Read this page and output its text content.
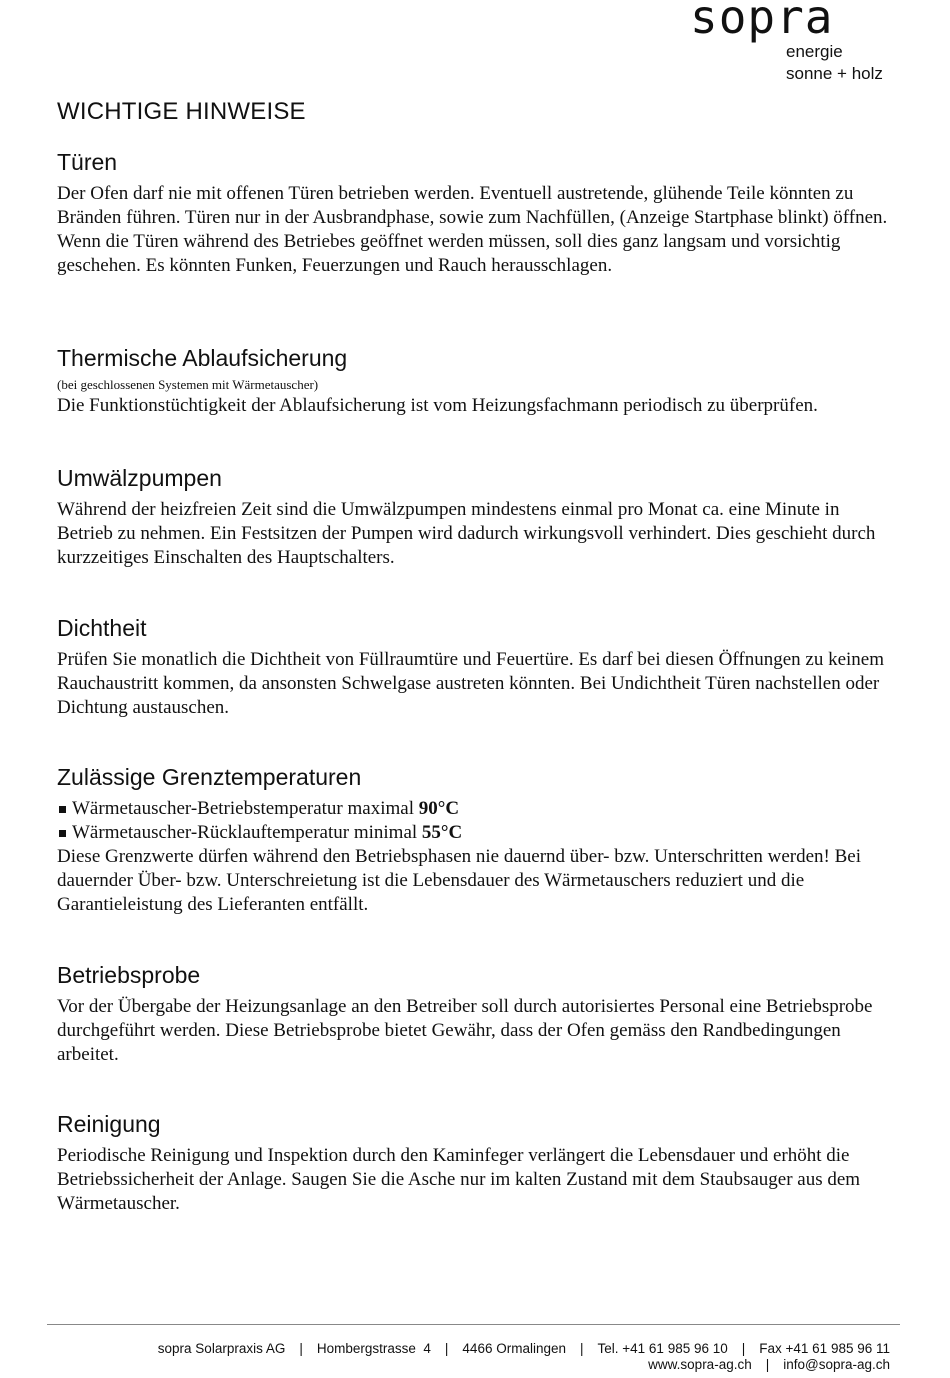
sopra
energie
sonne + holz
WICHTIGE HINWEISE
Türen

Der Ofen darf nie mit offenen Türen betrieben werden. Eventuell austretende, glühende Teile könnten zu Bränden führen. Türen nur in der Ausbrandphase, sowie zum Nachfüllen, (Anzeige Startphase blinkt) öffnen. Wenn die Türen während des Betriebes geöffnet werden müssen, soll dies ganz langsam und vorsichtig geschehen. Es könnten Funken, Feuerzungen und Rauch herausschlagen.

Thermische Ablaufsicherung

(bei geschlossenen Systemen mit Wärmetauscher)

Die Funktionstüchtigkeit der Ablaufsicherung ist vom Heizungsfachmann periodisch zu überprüfen.

Umwälzpumpen

Während der heizfreien Zeit sind die Umwälzpumpen mindestens einmal pro Monat ca. eine Minute in Betrieb zu nehmen. Ein Festsitzen der Pumpen wird dadurch wirkungsvoll verhindert. Dies geschieht durch kurzzeitiges Einschalten des Hauptschalters.

Dichtheit

Prüfen Sie monatlich die Dichtheit von Füllraumtüre und Feuertüre. Es darf bei diesen Öffnungen zu keinem Rauchaustritt kommen, da ansonsten Schwelgase austreten könnten. Bei Undichtheit Türen nachstellen oder Dichtung austauschen.

Zulässige Grenztemperaturen
Wärmetauscher-Betriebstemperatur maximal 90°C
Wärmetauscher-Rücklauftemperatur minimal 55°C

Diese Grenzwerte dürfen während den Betriebsphasen nie dauernd über- bzw. Unterschritten werden! Bei dauernder Über- bzw. Unterschreietung ist die Lebensdauer des Wärmetauschers reduziert und die Garantieleistung des Lieferanten entfällt.

Betriebsprobe

Vor der Übergabe der Heizungsanlage an den Betreiber soll durch autorisiertes Personal eine Betriebsprobe durchgeführt werden. Diese Betriebsprobe bietet Gewähr, dass der Ofen gemäss den Randbedingungen arbeitet.

Reinigung

Periodische Reinigung und Inspektion durch den Kaminfeger verlängert die Lebensdauer und erhöht die Betriebssicherheit der Anlage. Saugen Sie die Asche nur im kalten Zustand mit dem Staubsauger aus dem Wärmetauscher.

sopra Solarpraxis AG | Hombergstrasse  4 | 4466 Ormalingen | Tel. +41 61 985 96 10 | Fax +41 61 985 96 11
www.sopra-ag.ch | info@sopra-ag.ch
